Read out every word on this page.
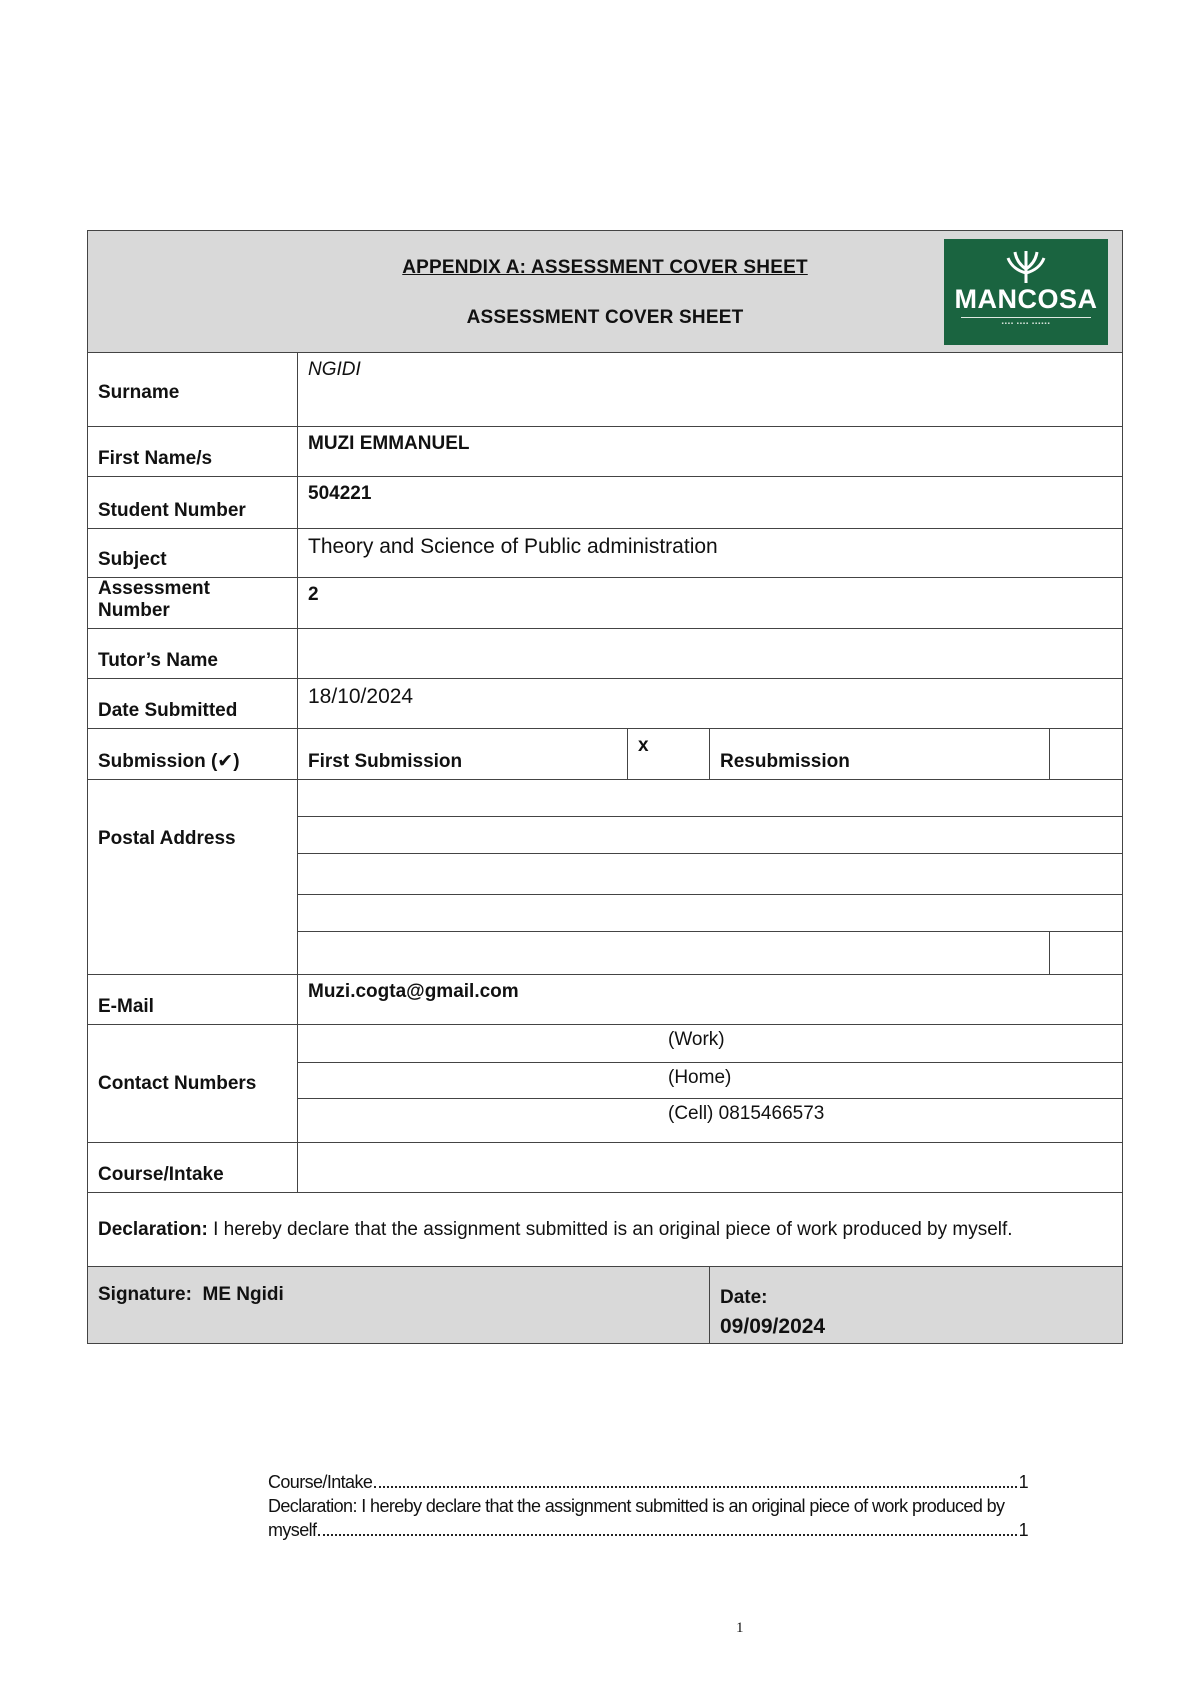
APPENDIX A: ASSESSMENT COVER SHEET
ASSESSMENT COVER SHEET
MANCOSA
▪▪▪▪ ▪▪▪▪ ▪▪▪▪▪▪				

Surname	NGIDI			
First Name/s	MUZI EMMANUEL			
Student Number	504221			
Subject	Theory and Science of Public administration			
Assessment Number	2			
Tutor’s Name				
Date Submitted	18/10/2024			
Submission (✔)	First Submission	x	Resubmission	
Postal Address				

E-Mail	Muzi.cogta@gmail.com			
Contact Numbers	(Work)			
	(Home)			
	(Cell) 0815466573			
Course/Intake				
Declaration: I hereby declare that the assignment submitted is an original piece of work produced by myself.				
Signature: ME Ngidi			Date:
09/09/2024	
Course/Intake	1
Declaration: I hereby declare that the assignment submitted is an original piece of work produced by
myself	1
1
